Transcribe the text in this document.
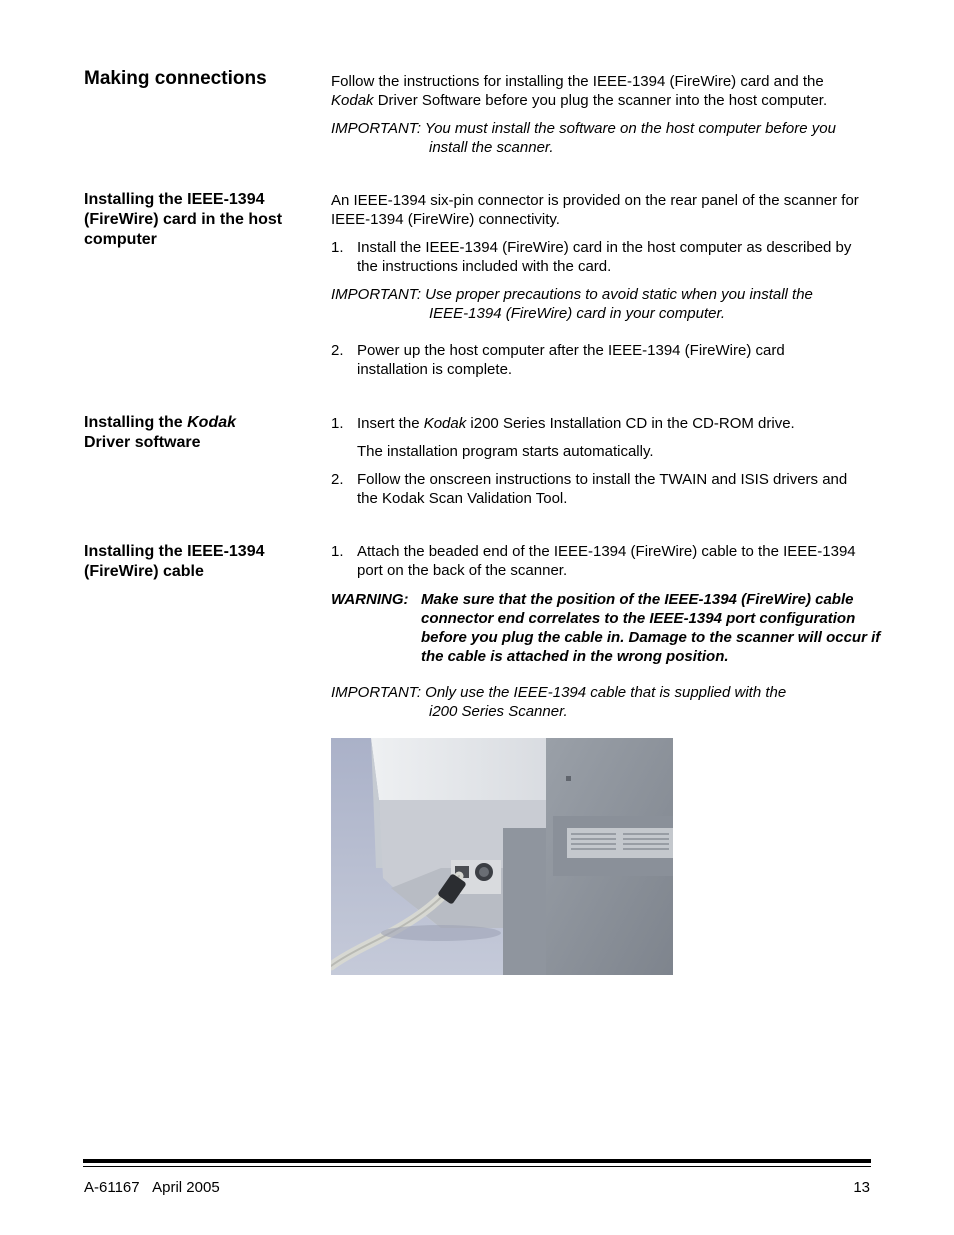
Making connections	Follow the instructions for installing the IEEE-1394 (FireWire) card and the
Kodak Driver Software before you plug the scanner into the host computer.

IMPORTANT: You must install the software on the host computer before you
install the scanner.
Installing the IEEE-1394 (FireWire) card in the host computer
An IEEE-1394 six-pin connector is provided on the rear panel of the scanner for IEEE-1394 (FireWire) connectivity.
1. Install the IEEE-1394 (FireWire) card in the host computer as described by the instructions included with the card.
IMPORTANT: Use proper precautions to avoid static when you install the
IEEE-1394 (FireWire) card in your computer.
2. Power up the host computer after the IEEE-1394 (FireWire) card installation is complete.
Installing the Kodak
Driver software
1. Insert the Kodak i200 Series Installation CD in the CD-ROM drive.
The installation program starts automatically.
2. Follow the onscreen instructions to install the TWAIN and ISIS drivers and the Kodak Scan Validation Tool.
Installing the IEEE-1394 (FireWire) cable
1. Attach the beaded end of the IEEE-1394 (FireWire) cable to the IEEE-1394 port on the back of the scanner.
WARNING: Make sure that the position of the IEEE-1394 (FireWire) cable connector end correlates to the IEEE-1394 port configuration before you plug the cable in. Damage to the scanner will occur if the cable is attached in the wrong position.
IMPORTANT: Only use the IEEE-1394 cable that is supplied with the
i200 Series Scanner.
A-61167 April 2005	13
